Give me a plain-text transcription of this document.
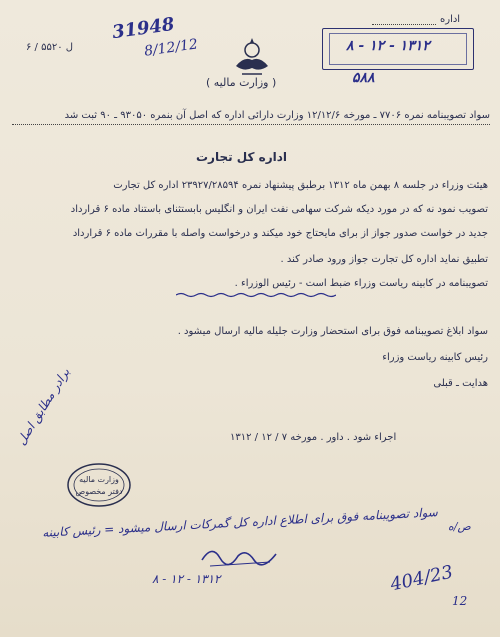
ل ۵۵۲۰ / ۶
31948
8/12/12
( وزارت مالیه )
اداره
۸ - ۱۲ - ۱۳۱۲
۵۸۸
سواد تصویبنامه نمره ۷۷۰۶ ـ مورخه ۱۲/۱۲/۶ وزارت دارائی اداره که اصل آن بنمره ۹۳۰۵۰ ـ ۹۰ ثبت شد
اداره کل تجارت
هیئت وزراء در جلسه ۸ بهمن ماه ۱۳۱۲ برطبق پیشنهاد نمره ۲۳۹۲۷/۲۸۵۹۴ اداره کل تجارت
تصویب نمود نه که در مورد دیکه شرکت سهامی نفت ایران و انگلیس بابستثنای باستناد ماده ۶ قرارداد
جدید در خواست صدور جواز از برای مایحتاج خود میکند و درخواست واصله با مقررات ماده ۶ قرارداد
تطبیق نماید اداره کل تجارت جواز ورود صادر کند .
تصویبنامه در کابینه ریاست وزراء ضبط است - رئیس الوزراء .
سواد ابلاغ تصویبنامه فوق برای استحضار وزارت جلیله مالیه ارسال میشود .
رئیس کابینه ریاست وزراء
هدایت ـ قبلی
اجراء شود . داور . مورخه ۷ / ۱۲ / ۱۳۱۲
برادر مطابق اصل
وزارت مالیه
دفتر مخصوص
ص/ه
سواد تصویبنامه فوق برای اطلاع اداره کل گمرکات ارسال میشود = رئیس کابینه
۸ - ۱۲ - ۱۳۱۲	404/23
12
